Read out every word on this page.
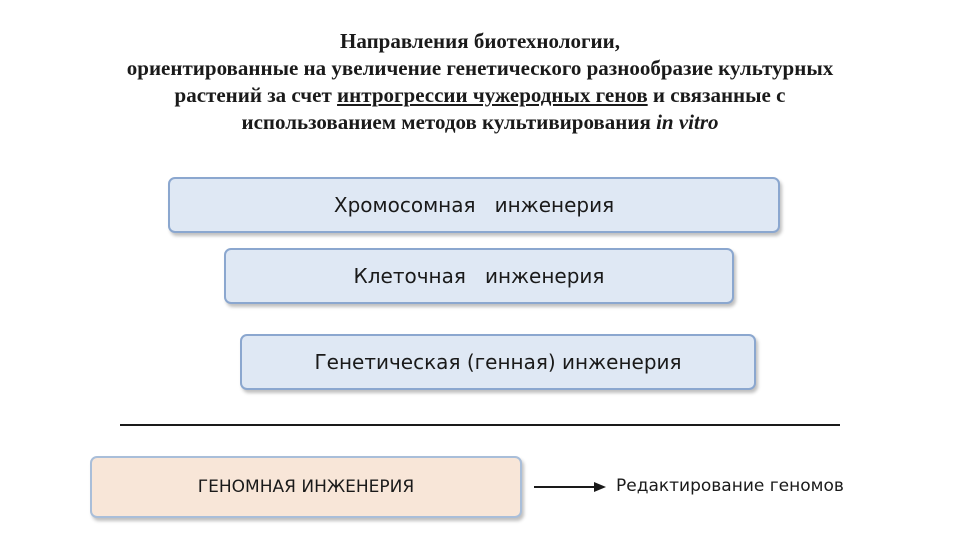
Направления биотехнологии,
ориентированные на увеличение генетического разнообразие культурных
растений за счет интрогрессии чужеродных генов и связанные с
использованием методов культивирования in vitro
Хромосомная   инженерия
Клеточная   инженерия
Генетическая (генная) инженерия
ГЕНОМНАЯ ИНЖЕНЕРИЯ	Редактирование геномов
